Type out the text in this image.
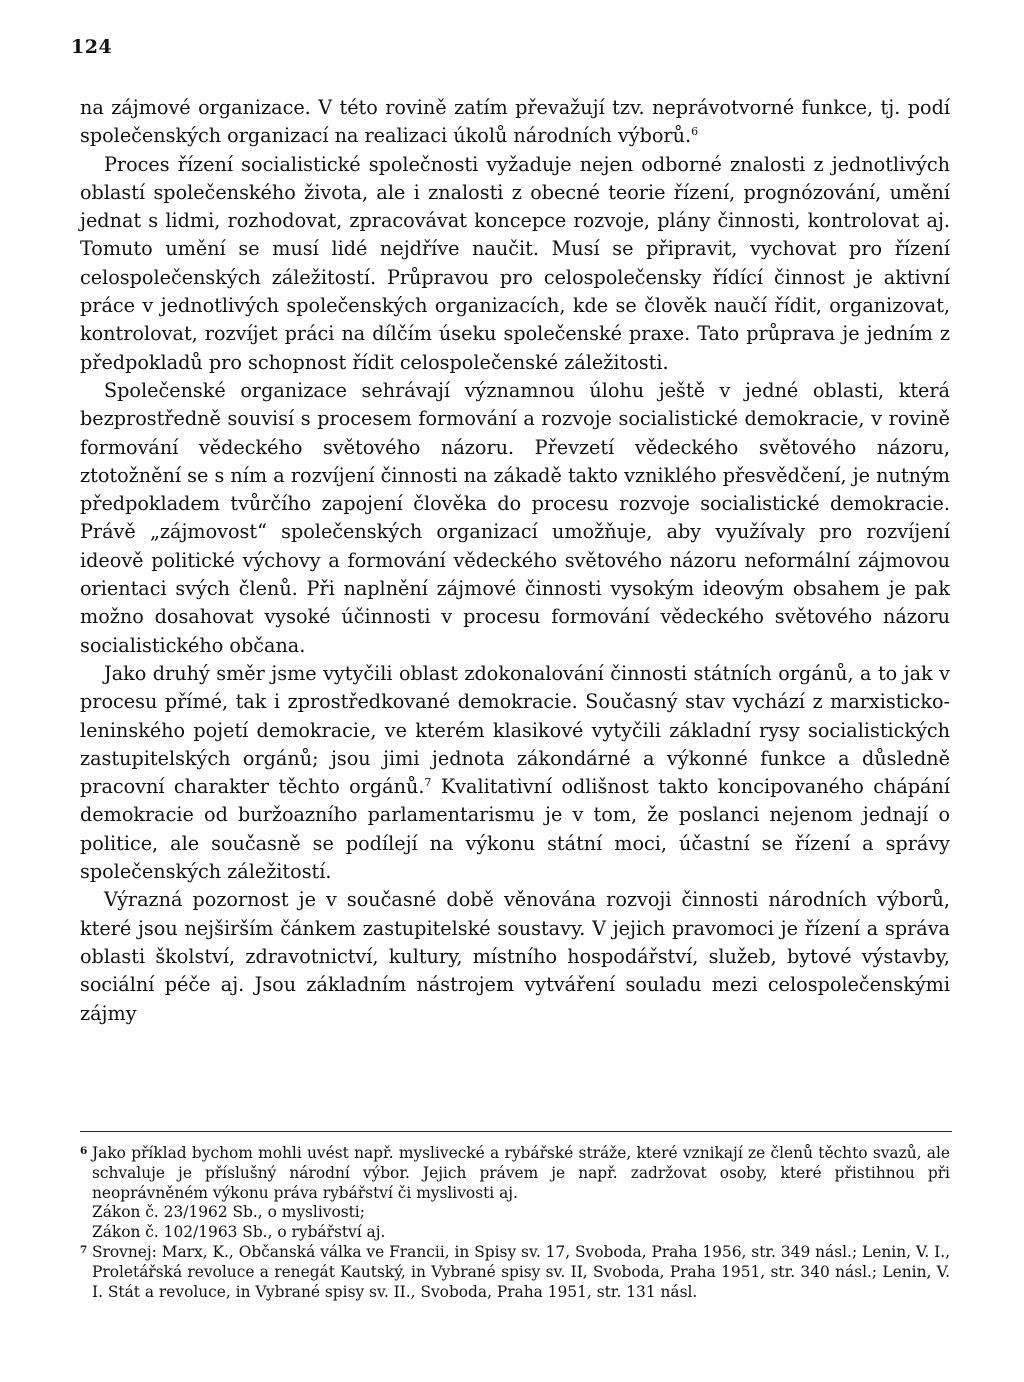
124

na zájmové organizace. V této rovině zatím převažují tzv. neprávotvorné funkce, tj. podí společenských organizací na realizaci úkolů národních výborů.$^6$

Proces řízení socialistické společnosti vyžaduje nejen odborné znalosti z jednotlivých oblastí společenského života, ale i znalosti z obecné teorie řízení, prognózování, umění jednat s lidmi, rozhodovat, zpracovávat koncepce rozvoje, plány činnosti, kontrolovat aj. Tomuto umění se musí lidé nejdříve naučit. Musí se připravit, vychovat pro řízení celospolečenských záležitostí. Průpravou pro celospolečensky řídící činnost je aktivní práce v jednotlivých společenských organizacích, kde se člověk naučí řídit, organizovat, kontrolovat, rozvíjet práci na dílčím úseku společenské praxe. Tato průprava je jedním z předpokladů pro schopnost řídit celospolečenské záležitosti.

Společenské organizace sehrávají významnou úlohu ještě v jedné oblasti, která bezprostředně souvisí s procesem formování a rozvoje socialistické demokracie, v rovině formování vědeckého světového názoru. Převzetí vědeckého světového názoru, ztotožnění se s ním a rozvíjení činnosti na zákadě takto vzniklého přesvědčení, je nutným předpokladem tvůrčího zapojení člověka do procesu rozvoje socialistické demokracie. Právě „zájmovost“ společenských organizací umožňuje, aby využívaly pro rozvíjení ideově politické výchovy a formování vědeckého světového názoru neformální zájmovou orientaci svých členů. Při naplnění zájmové činnosti vysokým ideovým obsahem je pak možno dosahovat vysoké účinnosti v procesu formování vědeckého světového názoru socialistického občana.

Jako druhý směr jsme vytyčili oblast zdokonalování činnosti státních orgánů, a to jak v procesu přímé, tak i zprostředkované demokracie. Současný stav vychází z marxisticko-leninského pojetí demokracie, ve kterém klasikové vytyčili základní rysy socialistických zastupitelských orgánů; jsou jimi jednota zákondárné a výkonné funkce a důsledně pracovní charakter těchto orgánů.$^7$ Kvalitativní odlišnost takto koncipovaného chápání demokracie od buržoazního parlamentarismu je v tom, že poslanci nejenom jednají o politice, ale současně se podílejí na výkonu státní moci, účastní se řízení a správy společenských záležitostí.

Výrazná pozornost je v současné době věnována rozvoji činnosti národních výborů, které jsou nejširším čánkem zastupitelské soustavy. V jejich pravomoci je řízení a správa oblasti školství, zdravotnictví, kultury, místního hospodářství, služeb, bytové výstavby, sociální péče aj. Jsou základním nástrojem vytváření souladu mezi celospolečenskými zájmy

6 Jako příklad bychom mohli uvést např. myslivecké a rybářské stráže, které vznikají ze členů těchto svazů, ale schvaluje je příslušný národní výbor. Jejich právem je např. zadržovat osoby, které přistihnou při neoprávněném výkonu práva rybářství či myslivosti aj.

Zákon č. 23/1962 Sb., o myslivosti;

Zákon č. 102/1963 Sb., o rybářství aj.

7 Srovnej: Marx, K., Občanská válka ve Francii, in Spisy sv. 17, Svoboda, Praha 1956, str. 349 násl.; Lenin, V. I., Proletářská revoluce a renegát Kautský, in Vybrané spisy sv. II, Svoboda, Praha 1951, str. 340 násl.; Lenin, V. I. Stát a revoluce, in Vybrané spisy sv. II., Svoboda, Praha 1951, str. 131 násl.
